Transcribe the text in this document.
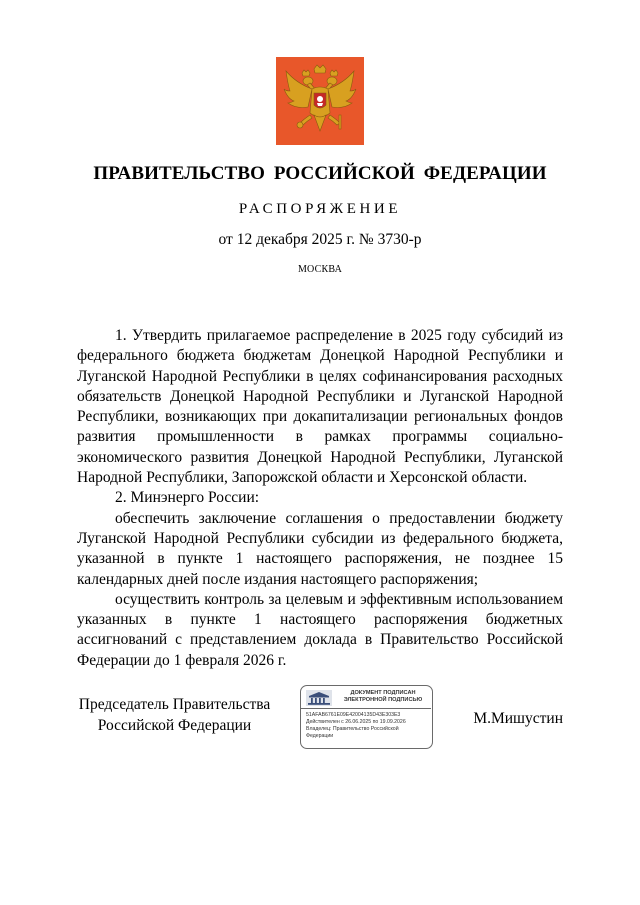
ПРАВИТЕЛЬСТВО РОССИЙСКОЙ ФЕДЕРАЦИИ
РАСПОРЯЖЕНИЕ
от 12 декабря 2025 г. № 3730-р
МОСКВА

1. Утвердить прилагаемое распределение в 2025 году субсидий из федерального бюджета бюджетам Донецкой Народной Республики и Луганской Народной Республики в целях софинансирования расходных обязательств Донецкой Народной Республики и Луганской Народной Республики, возникающих при докапитализации региональных фондов развития промышленности в рамках программы социально-экономического развития Донецкой Народной Республики, Луганской Народной Республики, Запорожской области и Херсонской области.

2. Минэнерго России:

обеспечить заключение соглашения о предоставлении бюджету Луганской Народной Республики субсидии из федерального бюджета, указанной в пункте 1 настоящего распоряжения, не позднее 15 календарных дней после издания настоящего распоряжения;

осуществить контроль за целевым и эффективным использованием указанных в пункте 1 настоящего распоряжения бюджетных ассигнований с представлением доклада в Правительство Российской Федерации до 1 февраля 2026 г.

Председатель Правительства
Российской Федерации
ДОКУМЕНТ ПОДПИСАН
ЭЛЕКТРОННОЙ ПОДПИСЬЮ
51AFAB6761E09E42004135D43E303E3
Действителен с 26.06.2025 по 19.09.2026
Владелец: Правительство Российской
Федерации
М.Мишустин
